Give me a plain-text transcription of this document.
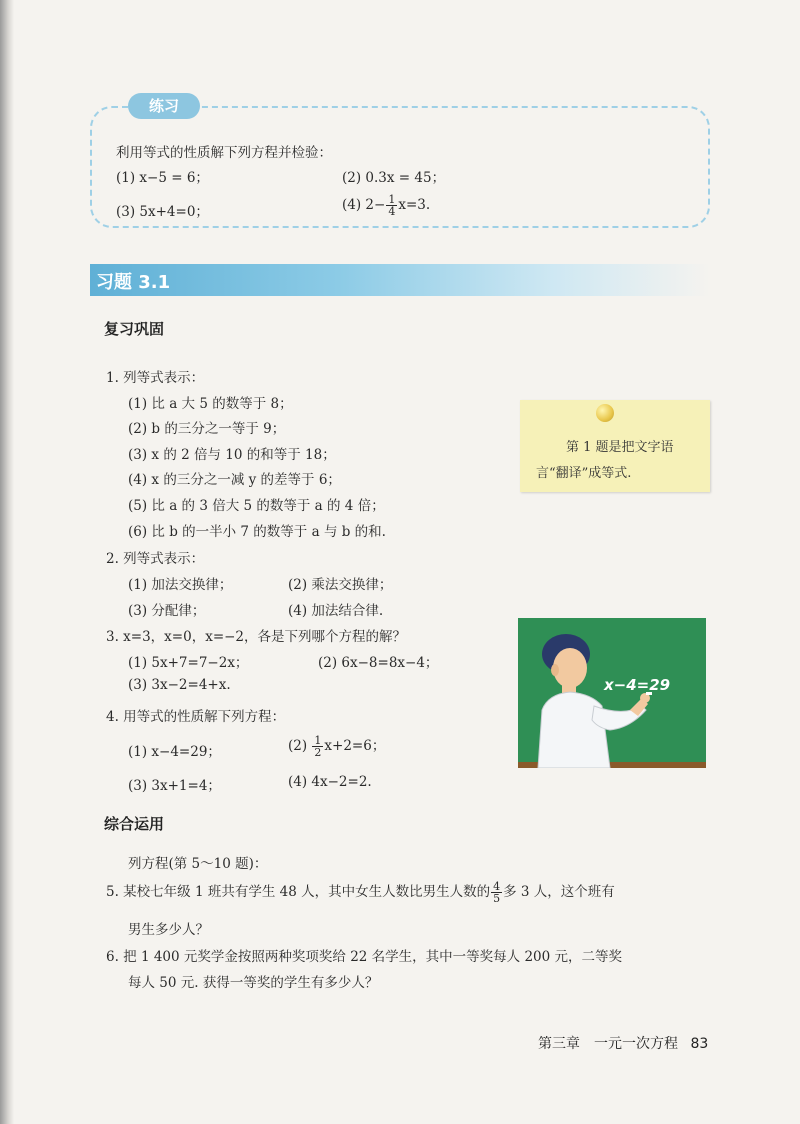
练习
利用等式的性质解下列方程并检验：
(1) x−5 = 6；	(2) 0.3x = 45；
(3) 5x+4=0；	(4) $2- \frac{1}{4} x=3$.
习题 3.1
复习巩固
1. 列等式表示：
(1) 比 a 大 5 的数等于 8；
(2) b 的三分之一等于 9；
(3) x 的 2 倍与 10 的和等于 18；
(4) x 的三分之一减 y 的差等于 6；
(5) 比 a 的 3 倍大 5 的数等于 a 的 4 倍；
(6) 比 b 的一半小 7 的数等于 a 与 b 的和.
第 1 题是把文字语
言“翻译”成等式.
2. 列等式表示：
(1) 加法交换律；	(2) 乘法交换律；
(3) 分配律；	(4) 加法结合律.
3. x=3，x=0，x=−2，各是下列哪个方程的解？
(1) 5x+7=7−2x；	(2) 6x−8=8x−4；
(3) 3x−2=4+x.	x−4=29
4. 用等式的性质解下列方程：
(1) x−4=29；	$(2) \frac{1}{2} x+2=6$；
(3) 3x+1=4；	(4) 4x−2=2.
综合运用
列方程(第 5～10 题)：
5. 某校七年级 1 班共有学生 48 人，其中女生人数比男生人数的 $\frac{4}{5}$ 多 3 人，这个班有
男生多少人？
6. 把 1 400 元奖学金按照两种奖项奖给 22 名学生，其中一等奖每人 200 元，二等奖
每人 50 元. 获得一等奖的学生有多少人？
第三章　一元一次方程 83
